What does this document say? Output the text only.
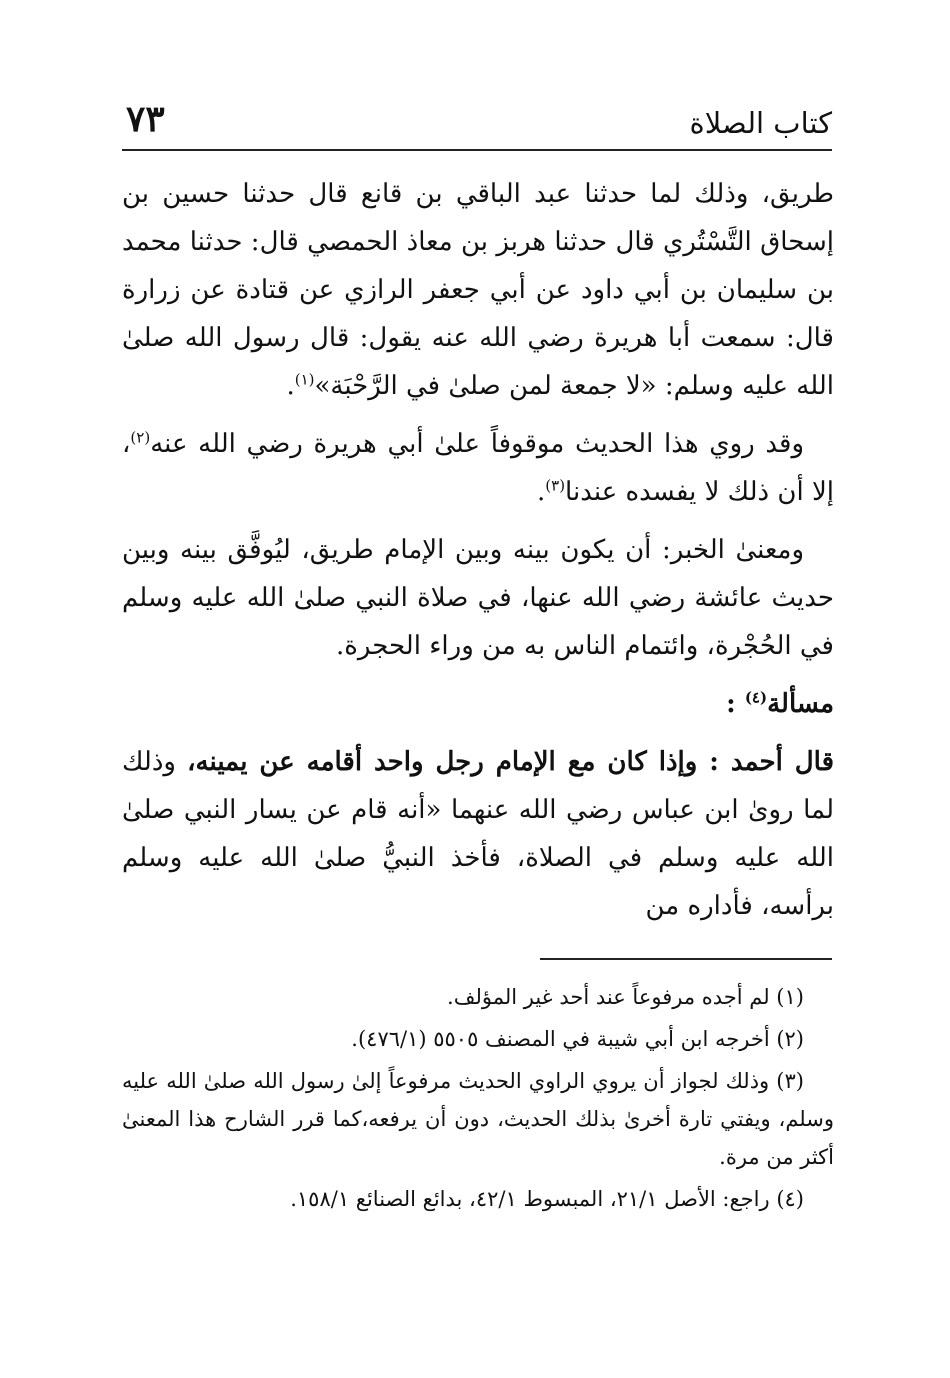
كتاب الصلاة
٧٣

طريق، وذلك لما حدثنا عبد الباقي بن قانع قال حدثنا حسين بن إسحاق التَّسْتُري قال حدثنا هربز بن معاذ الحمصي قال: حدثنا محمد بن سليمان بن أبي داود عن أبي جعفر الرازي عن قتادة عن زرارة قال: سمعت أبا هريرة رضي الله عنه يقول: قال رسول الله صلىٰ الله عليه وسلم: «لا جمعة لمن صلىٰ في الرَّحْبَة»$^{(١)}$.

وقد روي هذا الحديث موقوفاً علىٰ أبي هريرة رضي الله عنه$^{(٢)}$، إلا أن ذلك لا يفسده عندنا$^{(٣)}$.

ومعنىٰ الخبر: أن يكون بينه وبين الإمام طريق، ليُوفَّق بينه وبين حديث عائشة رضي الله عنها، في صلاة النبي صلىٰ الله عليه وسلم في الحُجْرة، وائتمام الناس به من وراء الحجرة.

مسألة$^{(٤)}$ :

قال أحمد : وإذا كان مع الإمام رجل واحد أقامه عن يمينه، وذلك لما روىٰ ابن عباس رضي الله عنهما «أنه قام عن يسار النبي صلىٰ الله عليه وسلم في الصلاة، فأخذ النبيُّ صلىٰ الله عليه وسلم برأسه، فأداره من

(١) لم أجده مرفوعاً عند أحد غير المؤلف.

(٢) أخرجه ابن أبي شيبة في المصنف ٥٥٠٥ (٤٧٦/١).

(٣) وذلك لجواز أن يروي الراوي الحديث مرفوعاً إلىٰ رسول الله صلىٰ الله عليه وسلم، ويفتي تارة أخرىٰ بذلك الحديث، دون أن يرفعه،كما قرر الشارح هذا المعنىٰ أكثر من مرة.

(٤) راجع: الأصل ٢١/١، المبسوط ٤٢/١، بدائع الصنائع ١٥٨/١.
